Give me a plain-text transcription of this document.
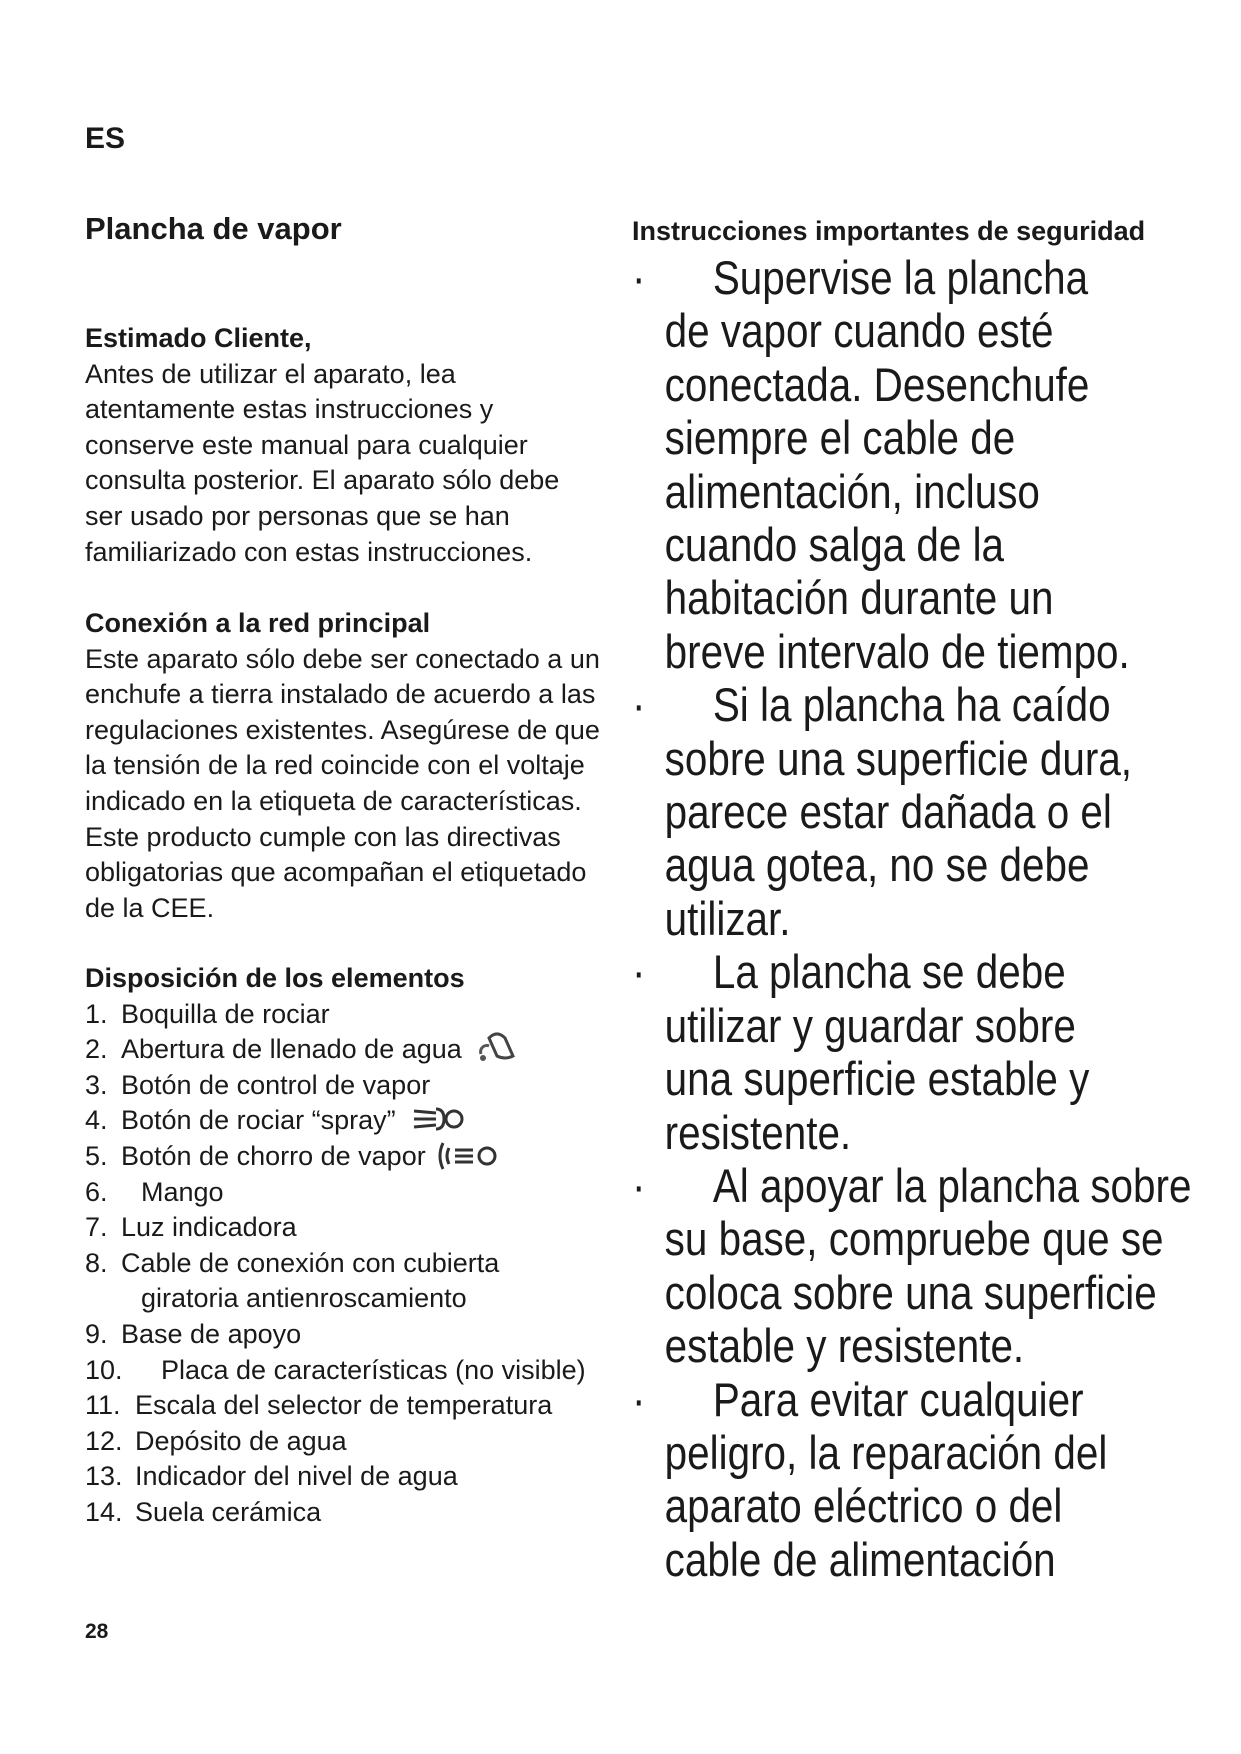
ES
Plancha de vapor
Estimado Cliente,

Antes de utilizar el aparato, lea

atentamente estas instrucciones y

conserve este manual para cualquier

consulta posterior. El aparato sólo debe

ser usado por personas que se han

familiarizado con estas instrucciones.

Conexión a la red principal

Este aparato sólo debe ser conectado a un

enchufe a tierra instalado de acuerdo a las

regulaciones existentes. Asegúrese de que

la tensión de la red coincide con el voltaje

indicado en la etiqueta de características.

Este producto cumple con las directivas

obligatorias que acompañan el etiquetado

de la CEE.

Disposición de los elementos
1. Boquilla de rociar
2. Abertura de llenado de agua
3. Botón de control de vapor
4. Botón de rociar “spray”
5. Botón de chorro de vapor
6.	Mango
7. Luz indicadora
8. Cable de conexión con cubierta
giratoria antienroscamiento
9. Base de apoyo
10.	Placa de características (no visible)
11. Escala del selector de temperatura
12. Depósito de agua
13. Indicador del nivel de agua
14. Suela cerámica
Instrucciones importantes de seguridad
·	Supervise la plancha
de vapor cuando esté
conectada. Desenchufe
siempre el cable de
alimentación, incluso
cuando salga de la
habitación durante un
breve intervalo de tiempo.
·	Si la plancha ha caído
sobre una superficie dura,
parece estar dañada o el
agua gotea, no se debe
utilizar.
·	La plancha se debe
utilizar y guardar sobre
una superficie estable y
resistente.
·	Al apoyar la plancha sobre
su base, compruebe que se
coloca sobre una superficie
estable y resistente.
·	Para evitar cualquier
peligro, la reparación del
aparato eléctrico o del
cable de alimentación
28
